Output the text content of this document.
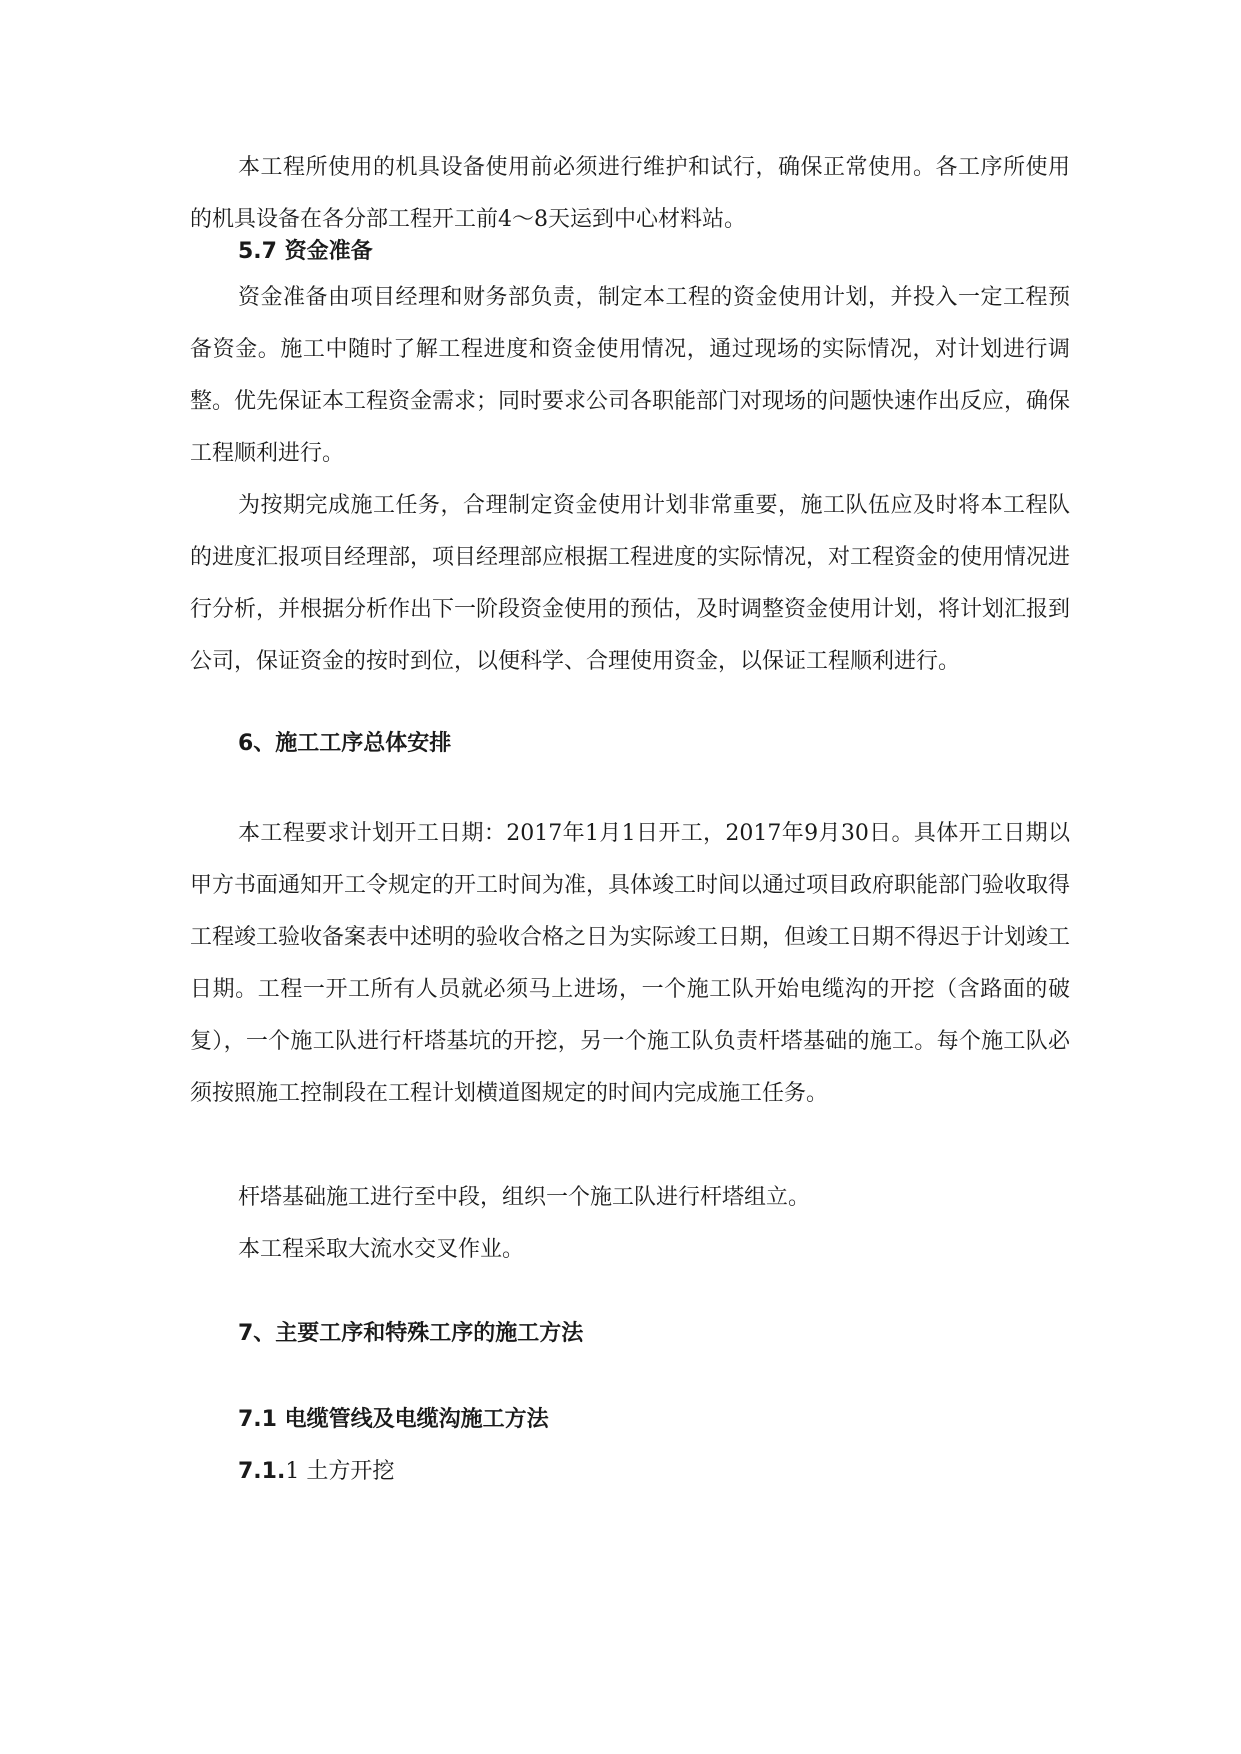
本工程所使用的机具设备使用前必须进行维护和试行，确保正常使用。各工序所使用的机具设备在各分部工程开工前4～8天运到中心材料站。

5.7 资金准备

资金准备由项目经理和财务部负责，制定本工程的资金使用计划，并投入一定工程预备资金。施工中随时了解工程进度和资金使用情况，通过现场的实际情况，对计划进行调整。优先保证本工程资金需求；同时要求公司各职能部门对现场的问题快速作出反应，确保工程顺利进行。

为按期完成施工任务，合理制定资金使用计划非常重要，施工队伍应及时将本工程队的进度汇报项目经理部，项目经理部应根据工程进度的实际情况，对工程资金的使用情况进行分析，并根据分析作出下一阶段资金使用的预估，及时调整资金使用计划，将计划汇报到公司，保证资金的按时到位，以便科学、合理使用资金，以保证工程顺利进行。

6、施工工序总体安排

本工程要求计划开工日期：2017年1月1日开工，2017年9月30日。具体开工日期以甲方书面通知开工令规定的开工时间为准，具体竣工时间以通过项目政府职能部门验收取得工程竣工验收备案表中述明的验收合格之日为实际竣工日期，但竣工日期不得迟于计划竣工日期。工程一开工所有人员就必须马上进场，一个施工队开始电缆沟的开挖（含路面的破复），一个施工队进行杆塔基坑的开挖，另一个施工队负责杆塔基础的施工。每个施工队必须按照施工控制段在工程计划横道图规定的时间内完成施工任务。

杆塔基础施工进行至中段，组织一个施工队进行杆塔组立。

本工程采取大流水交叉作业。

7、主要工序和特殊工序的施工方法

7.1 电缆管线及电缆沟施工方法

7.1.1 土方开挖
